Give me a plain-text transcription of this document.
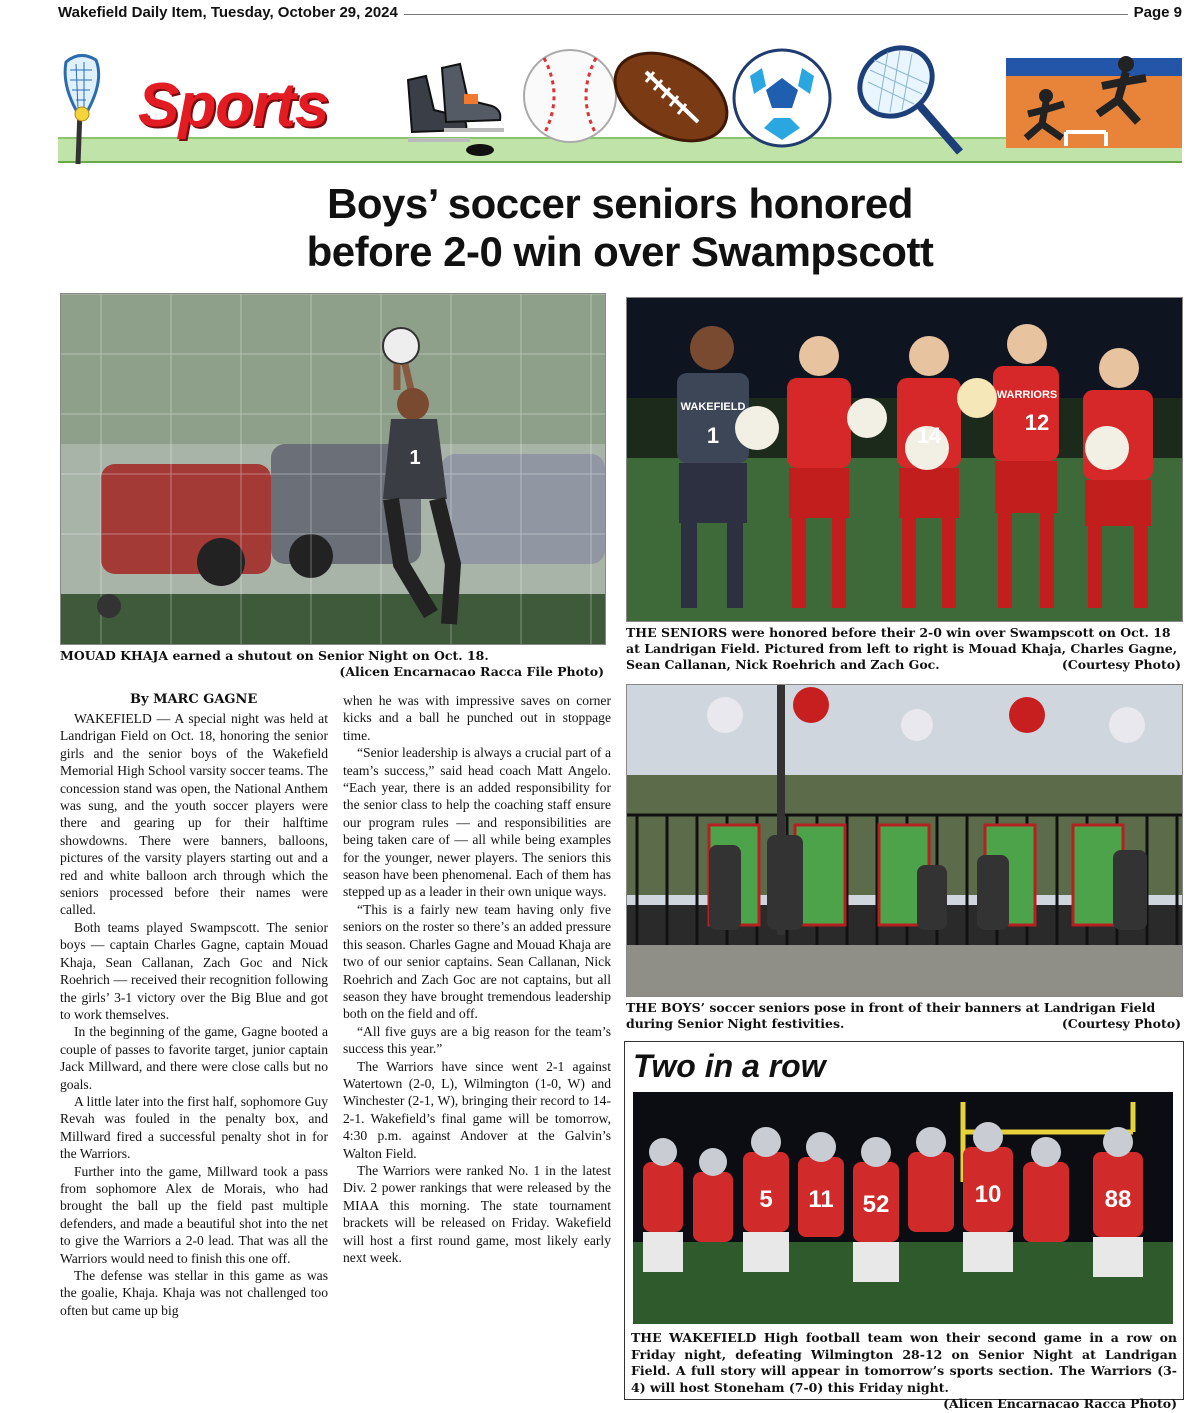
Wakefield Daily Item, Tuesday, October 29, 2024	Page 9
Sports
Boys’ soccer seniors honored
before 2-0 win over Swampscott
1
MOUAD KHAJA earned a shutout on Senior Night on Oct. 18.
(Alicen Encarnacao Racca File Photo)
WAKEFIELD
1	14
12
WARRIORS
THE SENIORS were honored before their 2-0 win over Swampscott on Oct. 18 at Landrigan Field. Pictured from left to right is Mouad Khaja, Charles Gagne, Sean Callanan, Nick Roehrich and Zach Goc.	(Courtesy Photo)
THE BOYS’ soccer seniors pose in front of their banners at Landrigan Field during Senior Night festivities.	(Courtesy Photo)
By MARC GAGNE

WAKEFIELD — A special night was held at Landrigan Field on Oct. 18, honoring the senior girls and the senior boys of the Wakefield Memorial High School varsity soccer teams. The concession stand was open, the National Anthem was sung, and the youth soccer players were there and gearing up for their halftime showdowns. There were banners, balloons, pictures of the varsity players starting out and a red and white balloon arch through which the seniors processed before their names were called.

Both teams played Swampscott. The senior boys — captain Charles Gagne, captain Mouad Khaja, Sean Callanan, Zach Goc and Nick Roehrich — received their recognition following the girls’ 3-1 victory over the Big Blue and got to work themselves.

In the beginning of the game, Gagne booted a couple of passes to favorite target, junior captain Jack Millward, and there were close calls but no goals.

A little later into the first half, sophomore Guy Revah was fouled in the penalty box, and Millward fired a successful penalty shot in for the Warriors.

Further into the game, Millward took a pass from sophomore Alex de Morais, who had brought the ball up the field past multiple defenders, and made a beautiful shot into the net to give the Warriors a 2-0 lead. That was all the Warriors would need to finish this one off.

The defense was stellar in this game as was the goalie, Khaja. Khaja was not challenged too often but came up big

when he was with impressive saves on corner kicks and a ball he punched out in stoppage time.

“Senior leadership is always a crucial part of a team’s success,” said head coach Matt Angelo. “Each year, there is an added responsibility for the senior class to help the coaching staff ensure our program rules — and responsibilities are being taken care of — all while being examples for the younger, newer players. The seniors this season have been phenomenal. Each of them has stepped up as a leader in their own unique ways.

“This is a fairly new team having only five seniors on the roster so there’s an added pressure this season. Charles Gagne and Mouad Khaja are two of our senior captains. Sean Callanan, Nick Roehrich and Zach Goc are not captains, but all season they have brought tremendous leadership both on the field and off.

“All five guys are a big reason for the team’s success this year.”

The Warriors have since went 2-1 against Watertown (2-0, L), Wilmington (1-0, W) and Winchester (2-1, W), bringing their record to 14-2-1. Wakefield’s final game will be tomorrow, 4:30 p.m. against Andover at the Galvin’s Walton Field.

The Warriors were ranked No. 1 in the latest Div. 2 power rankings that were released by the MIAA this morning. The state tournament brackets will be released on Friday. Wakefield will host a first round game, most likely early next week.

Two in a row
5 11 52	10	88
THE WAKEFIELD High football team won their second game in a row on Friday night, defeating Wilmington 28-12 on Senior Night at Landrigan Field. A full story will appear in tomorrow’s sports section. The Warriors (3-4) will host Stoneham (7-0) this Friday night.
(Alicen Encarnacao Racca Photo)
